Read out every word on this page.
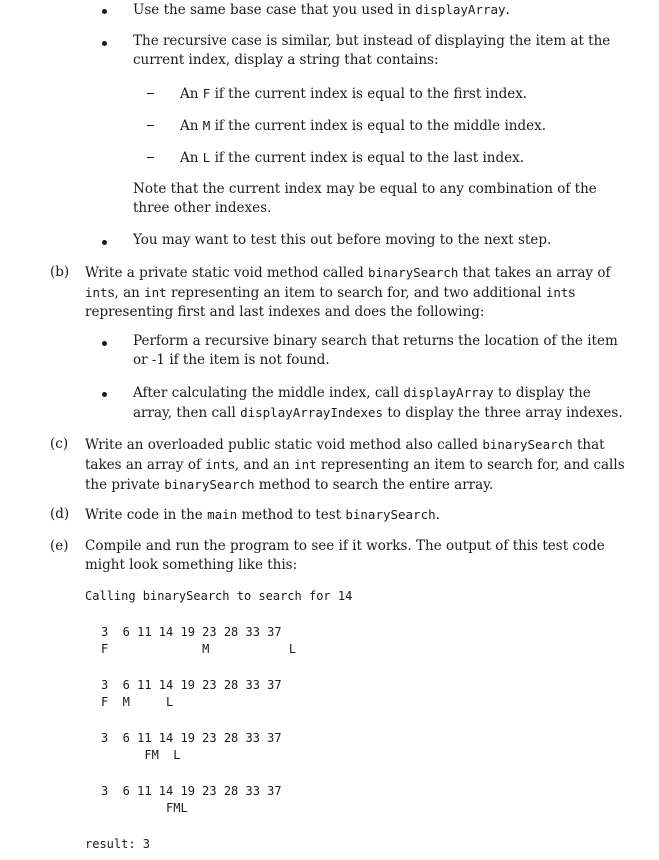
Use the same base case that you used in displayArray.
The recursive case is similar, but instead of displaying the item at the
current index, display a string that contains:
An F if the current index is equal to the first index.
An M if the current index is equal to the middle index.
An L if the current index is equal to the last index.
Note that the current index may be equal to any combination of the
three other indexes.
You may want to test this out before moving to the next step.
(b) Write a private static void method called binarySearch that takes an array of
ints, an int representing an item to search for, and two additional ints
representing first and last indexes and does the following:
Perform a recursive binary search that returns the location of the item
or -1 if the item is not found.
After calculating the middle index, call displayArray to display the
array, then call displayArrayIndexes to display the three array indexes.
(c) Write an overloaded public static void method also called binarySearch that
takes an array of ints, and an int representing an item to search for, and calls
the private binarySearch method to search the entire array.
(d) Write code in the main method to test binarySearch.
(e) Compile and run the program to see if it works. The output of this test code
might look something like this:
Calling binarySearch to search for 14
3  6 11 14 19 23 28 33 37
F             M           L
3  6 11 14 19 23 28 33 37
F  M     L
3  6 11 14 19 23 28 33 37
FM  L
3  6 11 14 19 23 28 33 37
FML
result: 3
